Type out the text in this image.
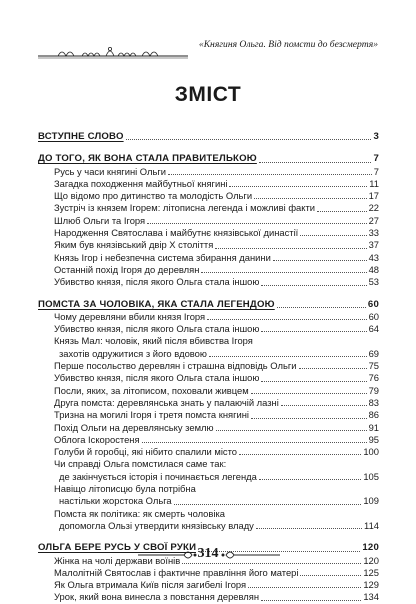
«Княгиня Ольга. Від помсти до безсмертя»
ЗМІСТ
ВСТУПНЕ СЛОВО	3
ДО ТОГО, ЯК ВОНА СТАЛА ПРАВИТЕЛЬКОЮ	7
Русь у часи княгині Ольги	7
Загадка походження майбутньої княгині	11
Що відомо про дитинство та молодість Ольги	17
Зустріч із князем Ігорем: літописна легенда і можливі факти	22
Шлюб Ольги та Ігоря	27
Народження Святослава і майбутнє князівської династії	33
Яким був князівський двір X століття	37
Князь Ігор і небезпечна система збирання данини	43
Останній похід Ігоря до деревлян	48
Убивство князя, після якого Ольга стала іншою	53
ПОМСТА ЗА ЧОЛОВІКА, ЯКА СТАЛА ЛЕГЕНДОЮ	60
Чому деревляни вбили князя Ігоря	60
Убивство князя, після якого Ольга стала іншою	64
Князь Мал: чоловік, який після вбивства Ігоря
захотів одружитися з його вдовою	69
Перше посольство деревлян і страшна відповідь Ольги	75
Убивство князя, після якого Ольга стала іншою	76
Посли, яких, за літописом, поховали живцем	79
Друга помста: деревлянська знать у палаючій лазні	83
Тризна на могилі Ігоря і третя помста княгині	86
Похід Ольги на деревлянську землю	91
Облога Іскоростеня	95
Голуби й горобці, які нібито спалили місто	100
Чи справді Ольга помстилася саме так:
де закінчується історія і починається легенда	105
Навіщо літописцю була потрібна
настільки жорстока Ольга	109
Помста як політика: як смерть чоловіка
допомогла Ользі утвердити князівську владу	114
ОЛЬГА БЕРЕ РУСЬ У СВОЇ РУКИ	120
Жінка на чолі держави воїнів	120
Малолітній Святослав і фактичне правління його матері	125
Як Ольга втримала Київ після загибелі Ігоря	129
Урок, який вона винесла з повстання деревлян	134
314
